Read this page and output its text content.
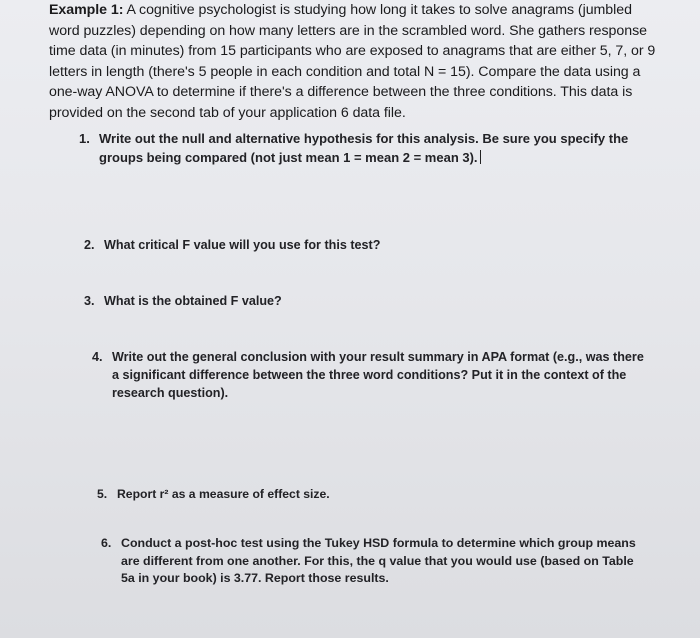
Example 1: A cognitive psychologist is studying how long it takes to solve anagrams (jumbled word puzzles) depending on how many letters are in the scrambled word. She gathers response time data (in minutes) from 15 participants who are exposed to anagrams that are either 5, 7, or 9 letters in length (there's 5 people in each condition and total N = 15). Compare the data using a one-way ANOVA to determine if there's a difference between the three conditions. This data is provided on the second tab of your application 6 data file.
1. Write out the null and alternative hypothesis for this analysis. Be sure you specify the groups being compared (not just mean 1 = mean 2 = mean 3).
2. What critical F value will you use for this test?
3. What is the obtained F value?
4. Write out the general conclusion with your result summary in APA format (e.g., was there a significant difference between the three word conditions? Put it in the context of the research question).
5. Report r² as a measure of effect size.
6. Conduct a post-hoc test using the Tukey HSD formula to determine which group means are different from one another. For this, the q value that you would use (based on Table 5a in your book) is 3.77. Report those results.
